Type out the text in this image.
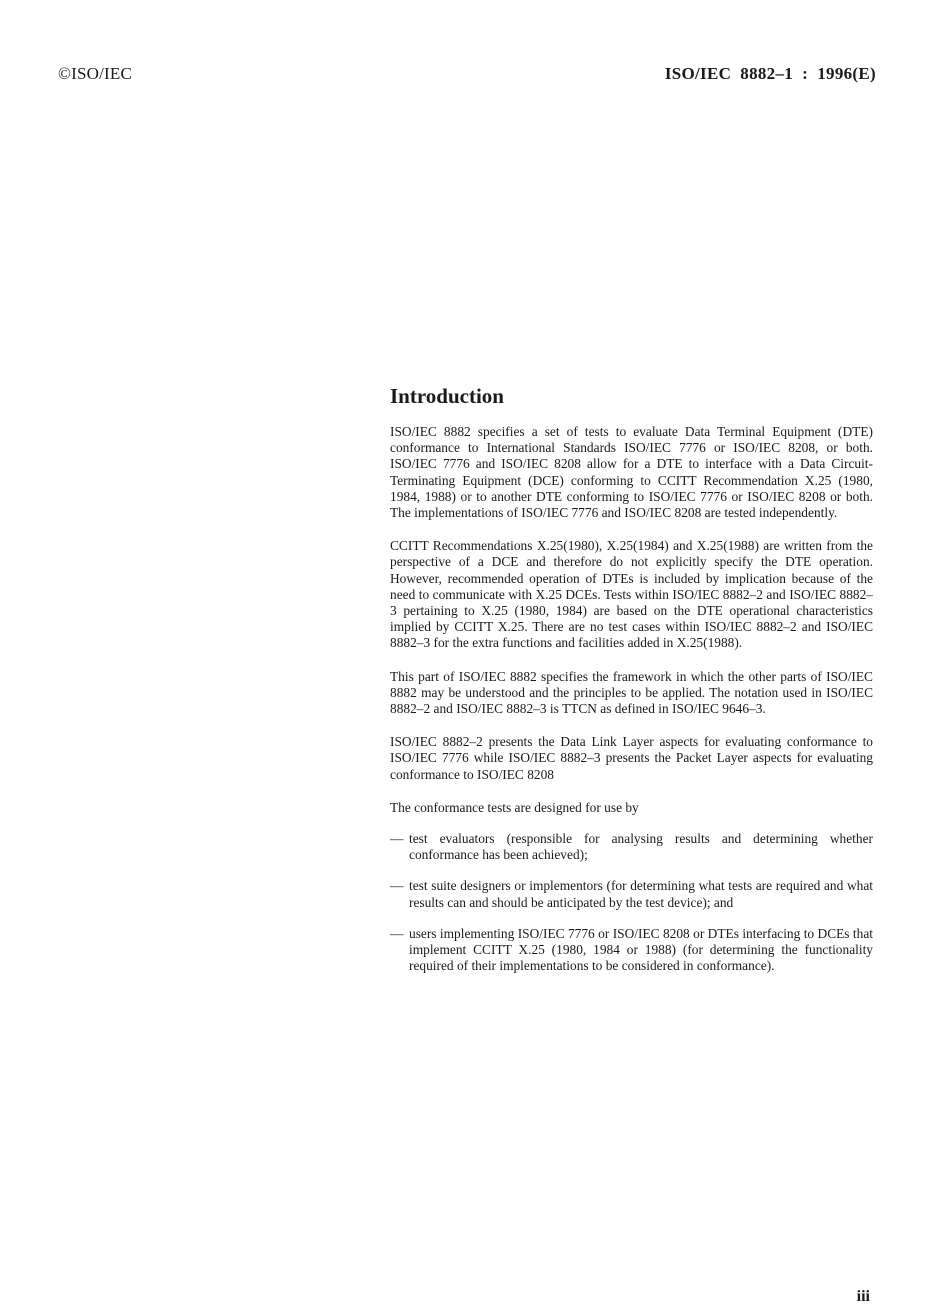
©ISO/IEC	ISO/IEC  8882–1  :  1996(E)
Introduction

ISO/IEC 8882 specifies a set of tests to evaluate Data Terminal Equipment (DTE) conformance to International Standards ISO/IEC 7776 or ISO/IEC 8208, or both. ISO/IEC 7776 and ISO/IEC 8208 allow for a DTE to interface with a Data Circuit-Terminating Equipment (DCE) conforming to CCITT Recommendation X.25 (1980, 1984, 1988) or to another DTE conforming to ISO/IEC 7776 or ISO/IEC 8208 or both. The implementations of ISO/IEC 7776 and ISO/IEC 8208 are tested independently.

CCITT Recommendations X.25(1980), X.25(1984) and X.25(1988) are written from the perspective of a DCE and therefore do not explicitly specify the DTE operation. However, recommended operation of DTEs is included by implication because of the need to communicate with X.25 DCEs. Tests within ISO/IEC 8882–2 and ISO/IEC 8882–3 pertaining to X.25 (1980, 1984) are based on the DTE operational characteristics implied by CCITT X.25. There are no test cases within ISO/IEC 8882–2 and ISO/IEC 8882–3 for the extra functions and facilities added in X.25(1988).

This part of ISO/IEC 8882 specifies the framework in which the other parts of ISO/IEC 8882 may be understood and the principles to be applied. The notation used in ISO/IEC 8882–2 and ISO/IEC 8882–3 is TTCN as defined in ISO/IEC 9646–3.

ISO/IEC 8882–2 presents the Data Link Layer aspects for evaluating conformance to ISO/IEC 7776 while ISO/IEC 8882–3 presents the Packet Layer aspects for evaluating conformance to ISO/IEC 8208

The conformance tests are designed for use by

— test evaluators (responsible for analysing results and determining whether conformance has been achieved);
— test suite designers or implementors (for determining what tests are required and what results can and should be anticipated by the test device); and
— users implementing ISO/IEC 7776 or ISO/IEC 8208 or DTEs interfacing to DCEs that implement CCITT X.25 (1980, 1984 or 1988) (for determining the functionality required of their implementations to be considered in conformance).
iii
